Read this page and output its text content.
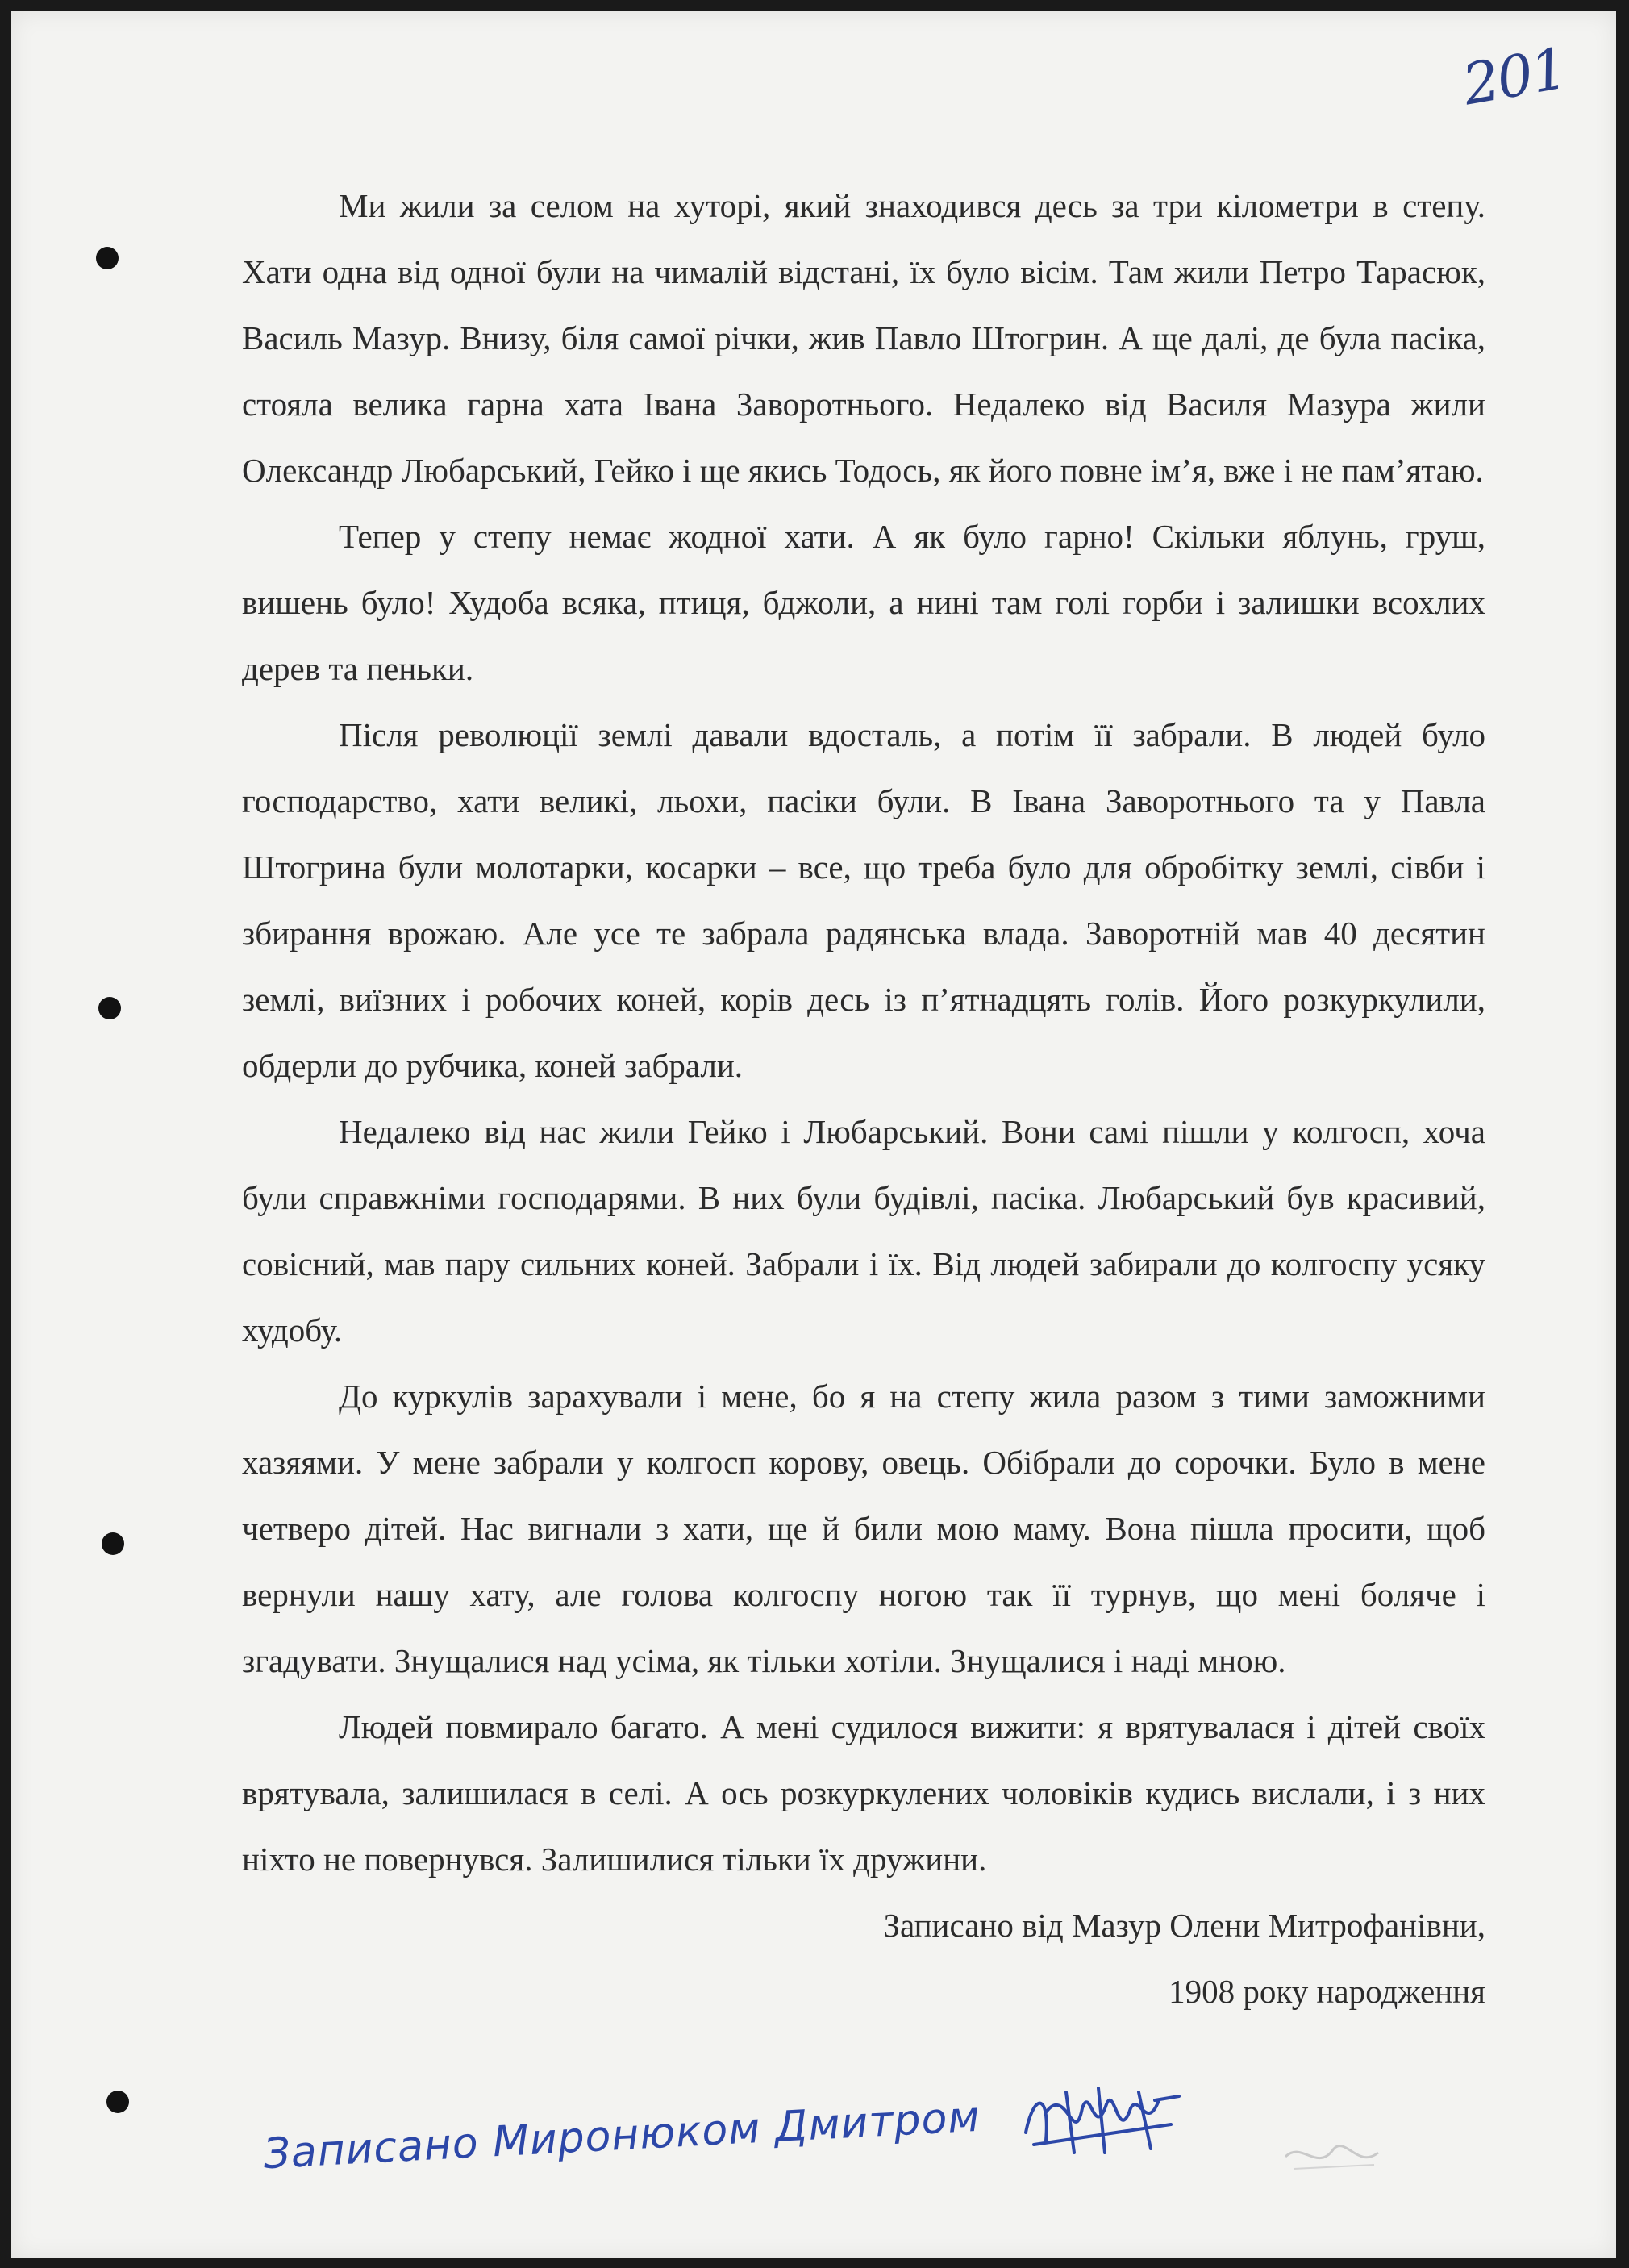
201

Ми жили за селом на хуторі, який знаходився десь за три кілометри в степу. Хати одна від одної були на чималій відстані, їх було вісім. Там жили Петро Тарасюк, Василь Мазур. Внизу, біля самої річки, жив Павло Штогрин. А ще далі, де була пасіка, стояла велика гарна хата Івана Заворотнього. Недалеко від Василя Мазура жили Олександр Любарський, Гейко і ще якись Тодось, як його повне ім’я, вже і не пам’ятаю.

Тепер у степу немає жодної хати. А як було гарно! Скільки яблунь, груш, вишень було! Худоба всяка, птиця, бджоли, а нині там голі горби і залишки всохлих дерев та пеньки.

Після революції землі давали вдосталь, а потім її забрали. В людей було господарство, хати великі, льохи, пасіки були. В Івана Заворотнього та у Павла Штогрина були молотарки, косарки – все, що треба було для обробітку землі, сівби і збирання врожаю. Але усе те забрала радянська влада. Заворотній мав 40 десятин землі, виїзних і робочих коней, корів десь із п’ятнадцять голів. Його розкуркулили, обдерли до рубчика, коней забрали.

Недалеко від нас жили Гейко і Любарський. Вони самі пішли у колгосп, хоча були справжніми господарями. В них були будівлі, пасіка. Любарський був красивий, совісний, мав пару сильних коней. Забрали і їх. Від людей забирали до колгоспу усяку худобу.

До куркулів зарахували і мене, бо я на степу жила разом з тими заможними хазяями. У мене забрали у колгосп корову, овець. Обібрали до сорочки. Було в мене четверо дітей. Нас вигнали з хати, ще й били мою маму. Вона пішла просити, щоб вернули нашу хату, але голова колгоспу ногою так її турнув, що мені боляче і згадувати. Знущалися над усіма, як тільки хотіли. Знущалися і наді мною.

Людей повмирало багато. А мені судилося вижити: я врятувалася і дітей своїх врятувала, залишилася в селі. А ось розкуркулених чоловіків кудись вислали, і з них ніхто не повернувся. Залишилися тільки їх дружини.

Записано від Мазур Олени Митрофанівни,
1908 року народження
Записано Миронюком Дмитром
